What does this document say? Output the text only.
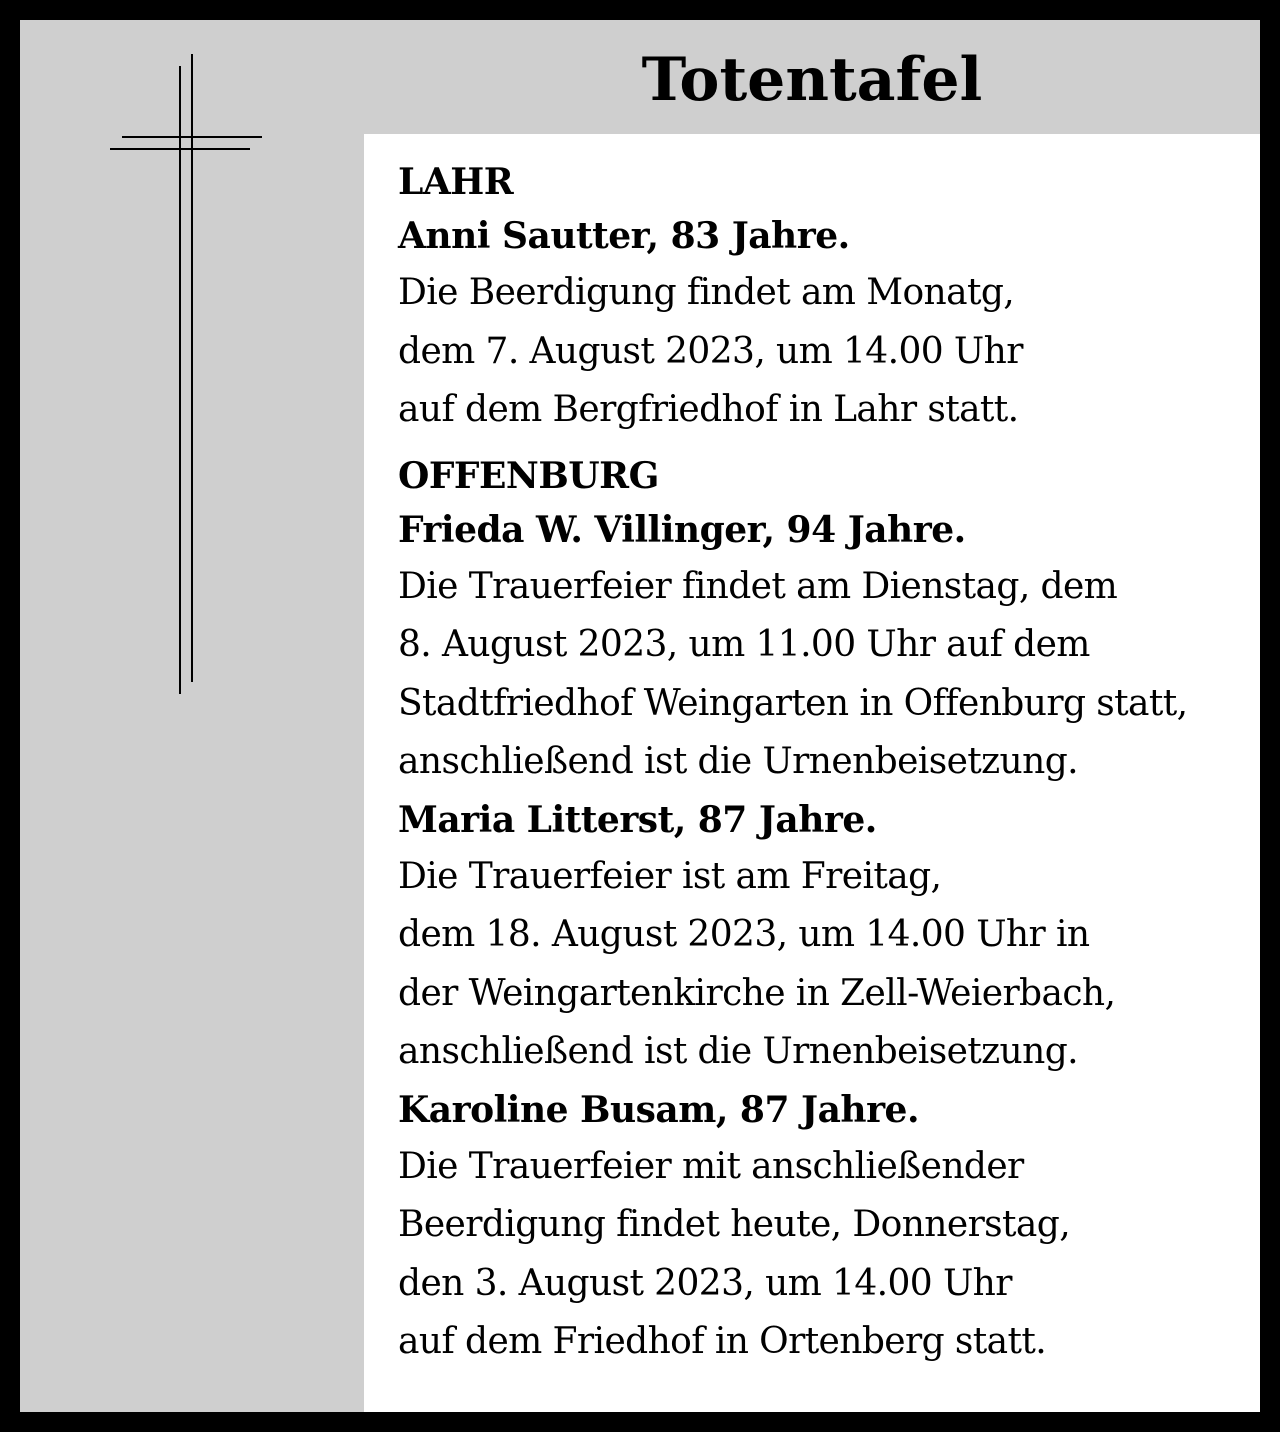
Totentafel

LAHR

Anni Sautter, 83 Jahre.

Die Beerdigung findet am Monatg,

dem 7. August 2023, um 14.00 Uhr

auf dem Bergfriedhof in Lahr statt.

OFFENBURG

Frieda W. Villinger, 94 Jahre.

Die Trauerfeier findet am Dienstag, dem

8. August 2023, um 11.00 Uhr auf dem

Stadtfriedhof Weingarten in Offenburg statt,

anschließend ist die Urnenbeisetzung.

Maria Litterst, 87 Jahre.

Die Trauerfeier ist am Freitag,

dem 18. August 2023, um 14.00 Uhr in

der Weingartenkirche in Zell-Weierbach,

anschließend ist die Urnenbeisetzung.

Karoline Busam, 87 Jahre.

Die Trauerfeier mit anschließender

Beerdigung findet heute, Donnerstag,

den 3. August 2023, um 14.00 Uhr

auf dem Friedhof in Ortenberg statt.
